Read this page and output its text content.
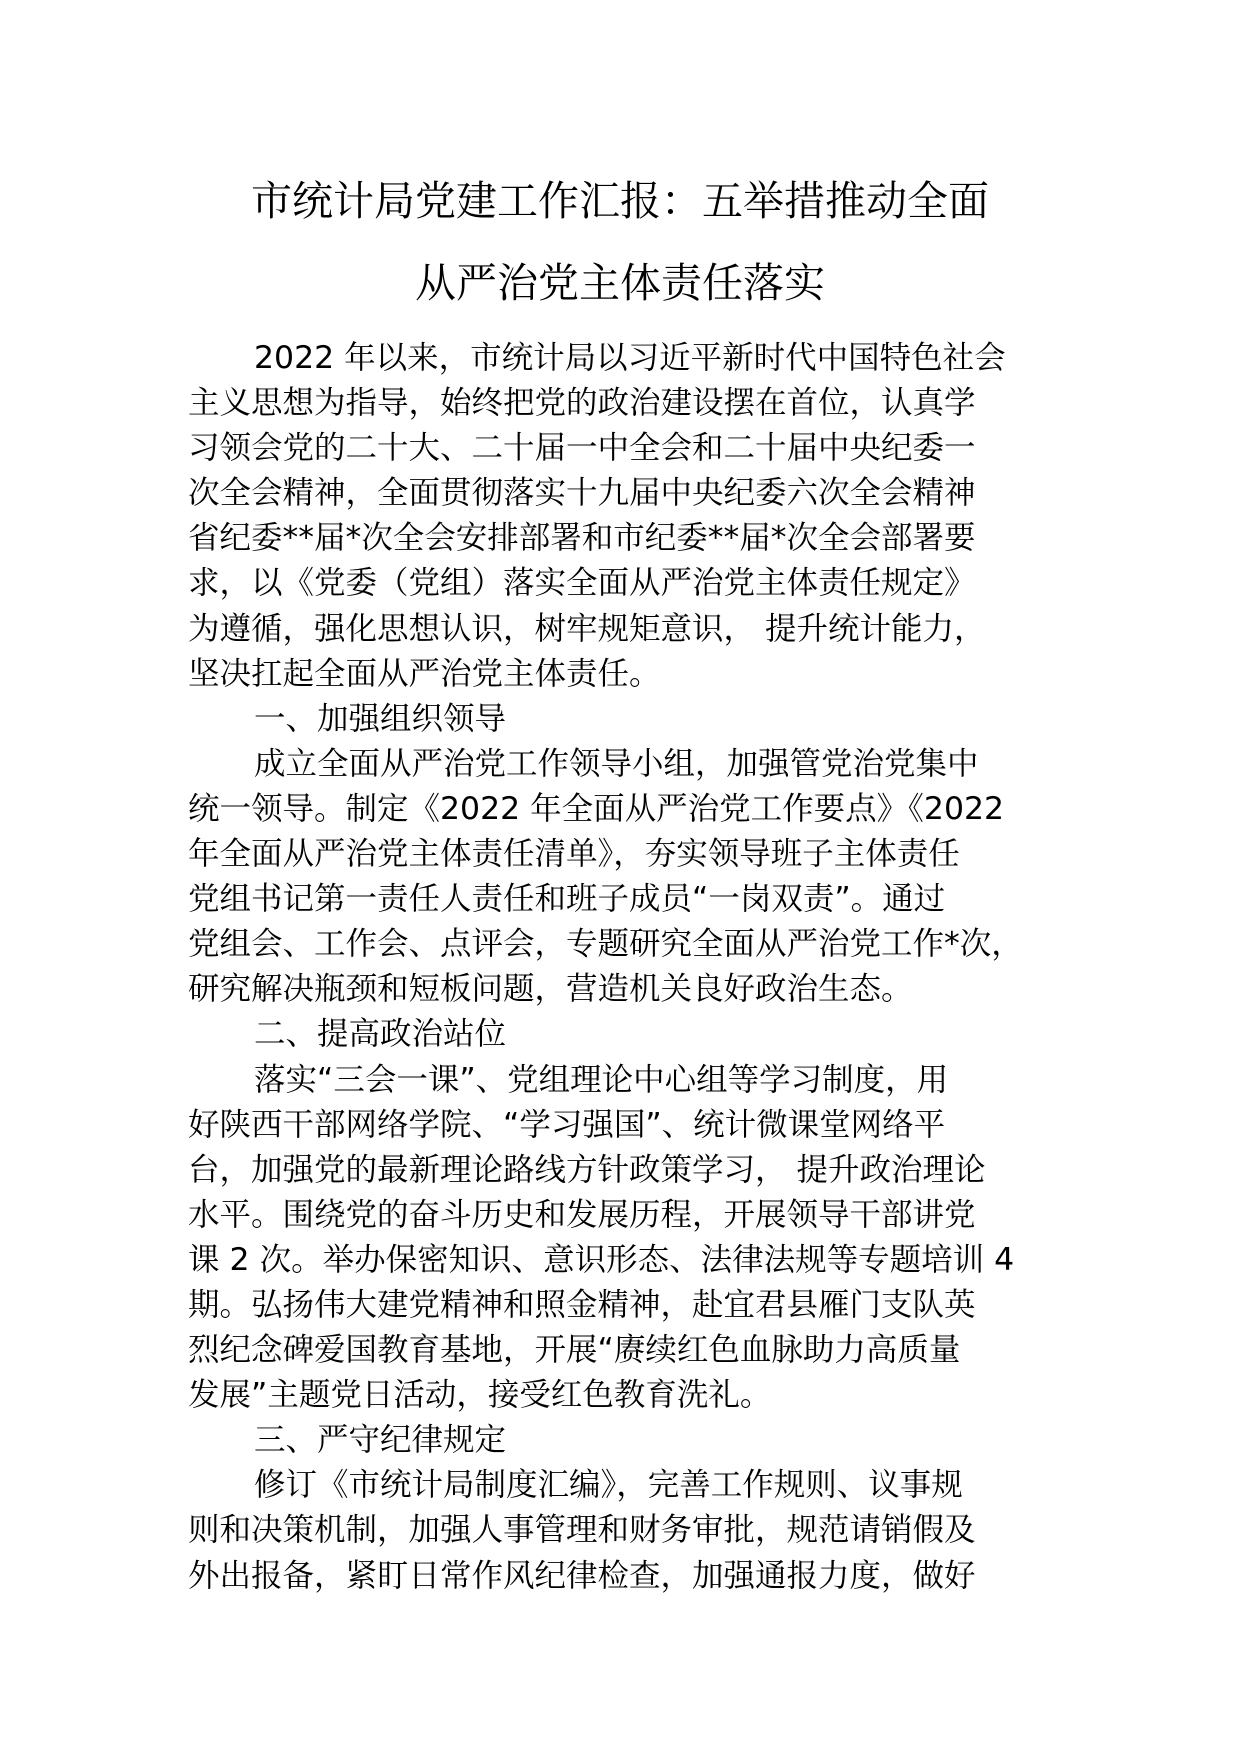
市统计局党建工作汇报：五举措推动全面
从严治党主体责任落实
2022 年以来，市统计局以习近平新时代中国特色社会
主义思想为指导，始终把党的政治建设摆在首位，认真学
习领会党的二十大、二十届一中全会和二十届中央纪委一
次全会精神，全面贯彻落实十九届中央纪委六次全会精神
省纪委**届*次全会安排部署和市纪委**届*次全会部署要
求，以《党委（党组）落实全面从严治党主体责任规定》
为遵循，强化思想认识，树牢规矩意识， 提升统计能力，
坚决扛起全面从严治党主体责任。
一、加强组织领导
成立全面从严治党工作领导小组，加强管党治党集中
统一领导。制定《2022 年全面从严治党工作要点》《2022
年全面从严治党主体责任清单》，夯实领导班子主体责任
党组书记第一责任人责任和班子成员“一岗双责”。通过
党组会、工作会、点评会，专题研究全面从严治党工作*次，
研究解决瓶颈和短板问题，营造机关良好政治生态。
二、提高政治站位
落实“三会一课”、党组理论中心组等学习制度，用
好陕西干部网络学院、“学习强国”、统计微课堂网络平
台，加强党的最新理论路线方针政策学习， 提升政治理论
水平。围绕党的奋斗历史和发展历程，开展领导干部讲党
课 2 次。举办保密知识、意识形态、法律法规等专题培训 4
期。弘扬伟大建党精神和照金精神，赴宜君县雁门支队英
烈纪念碑爱国教育基地，开展“赓续红色血脉助力高质量
发展”主题党日活动，接受红色教育洗礼。
三、严守纪律规定
修订《市统计局制度汇编》，完善工作规则、议事规
则和决策机制，加强人事管理和财务审批，规范请销假及
外出报备，紧盯日常作风纪律检查，加强通报力度，做好
